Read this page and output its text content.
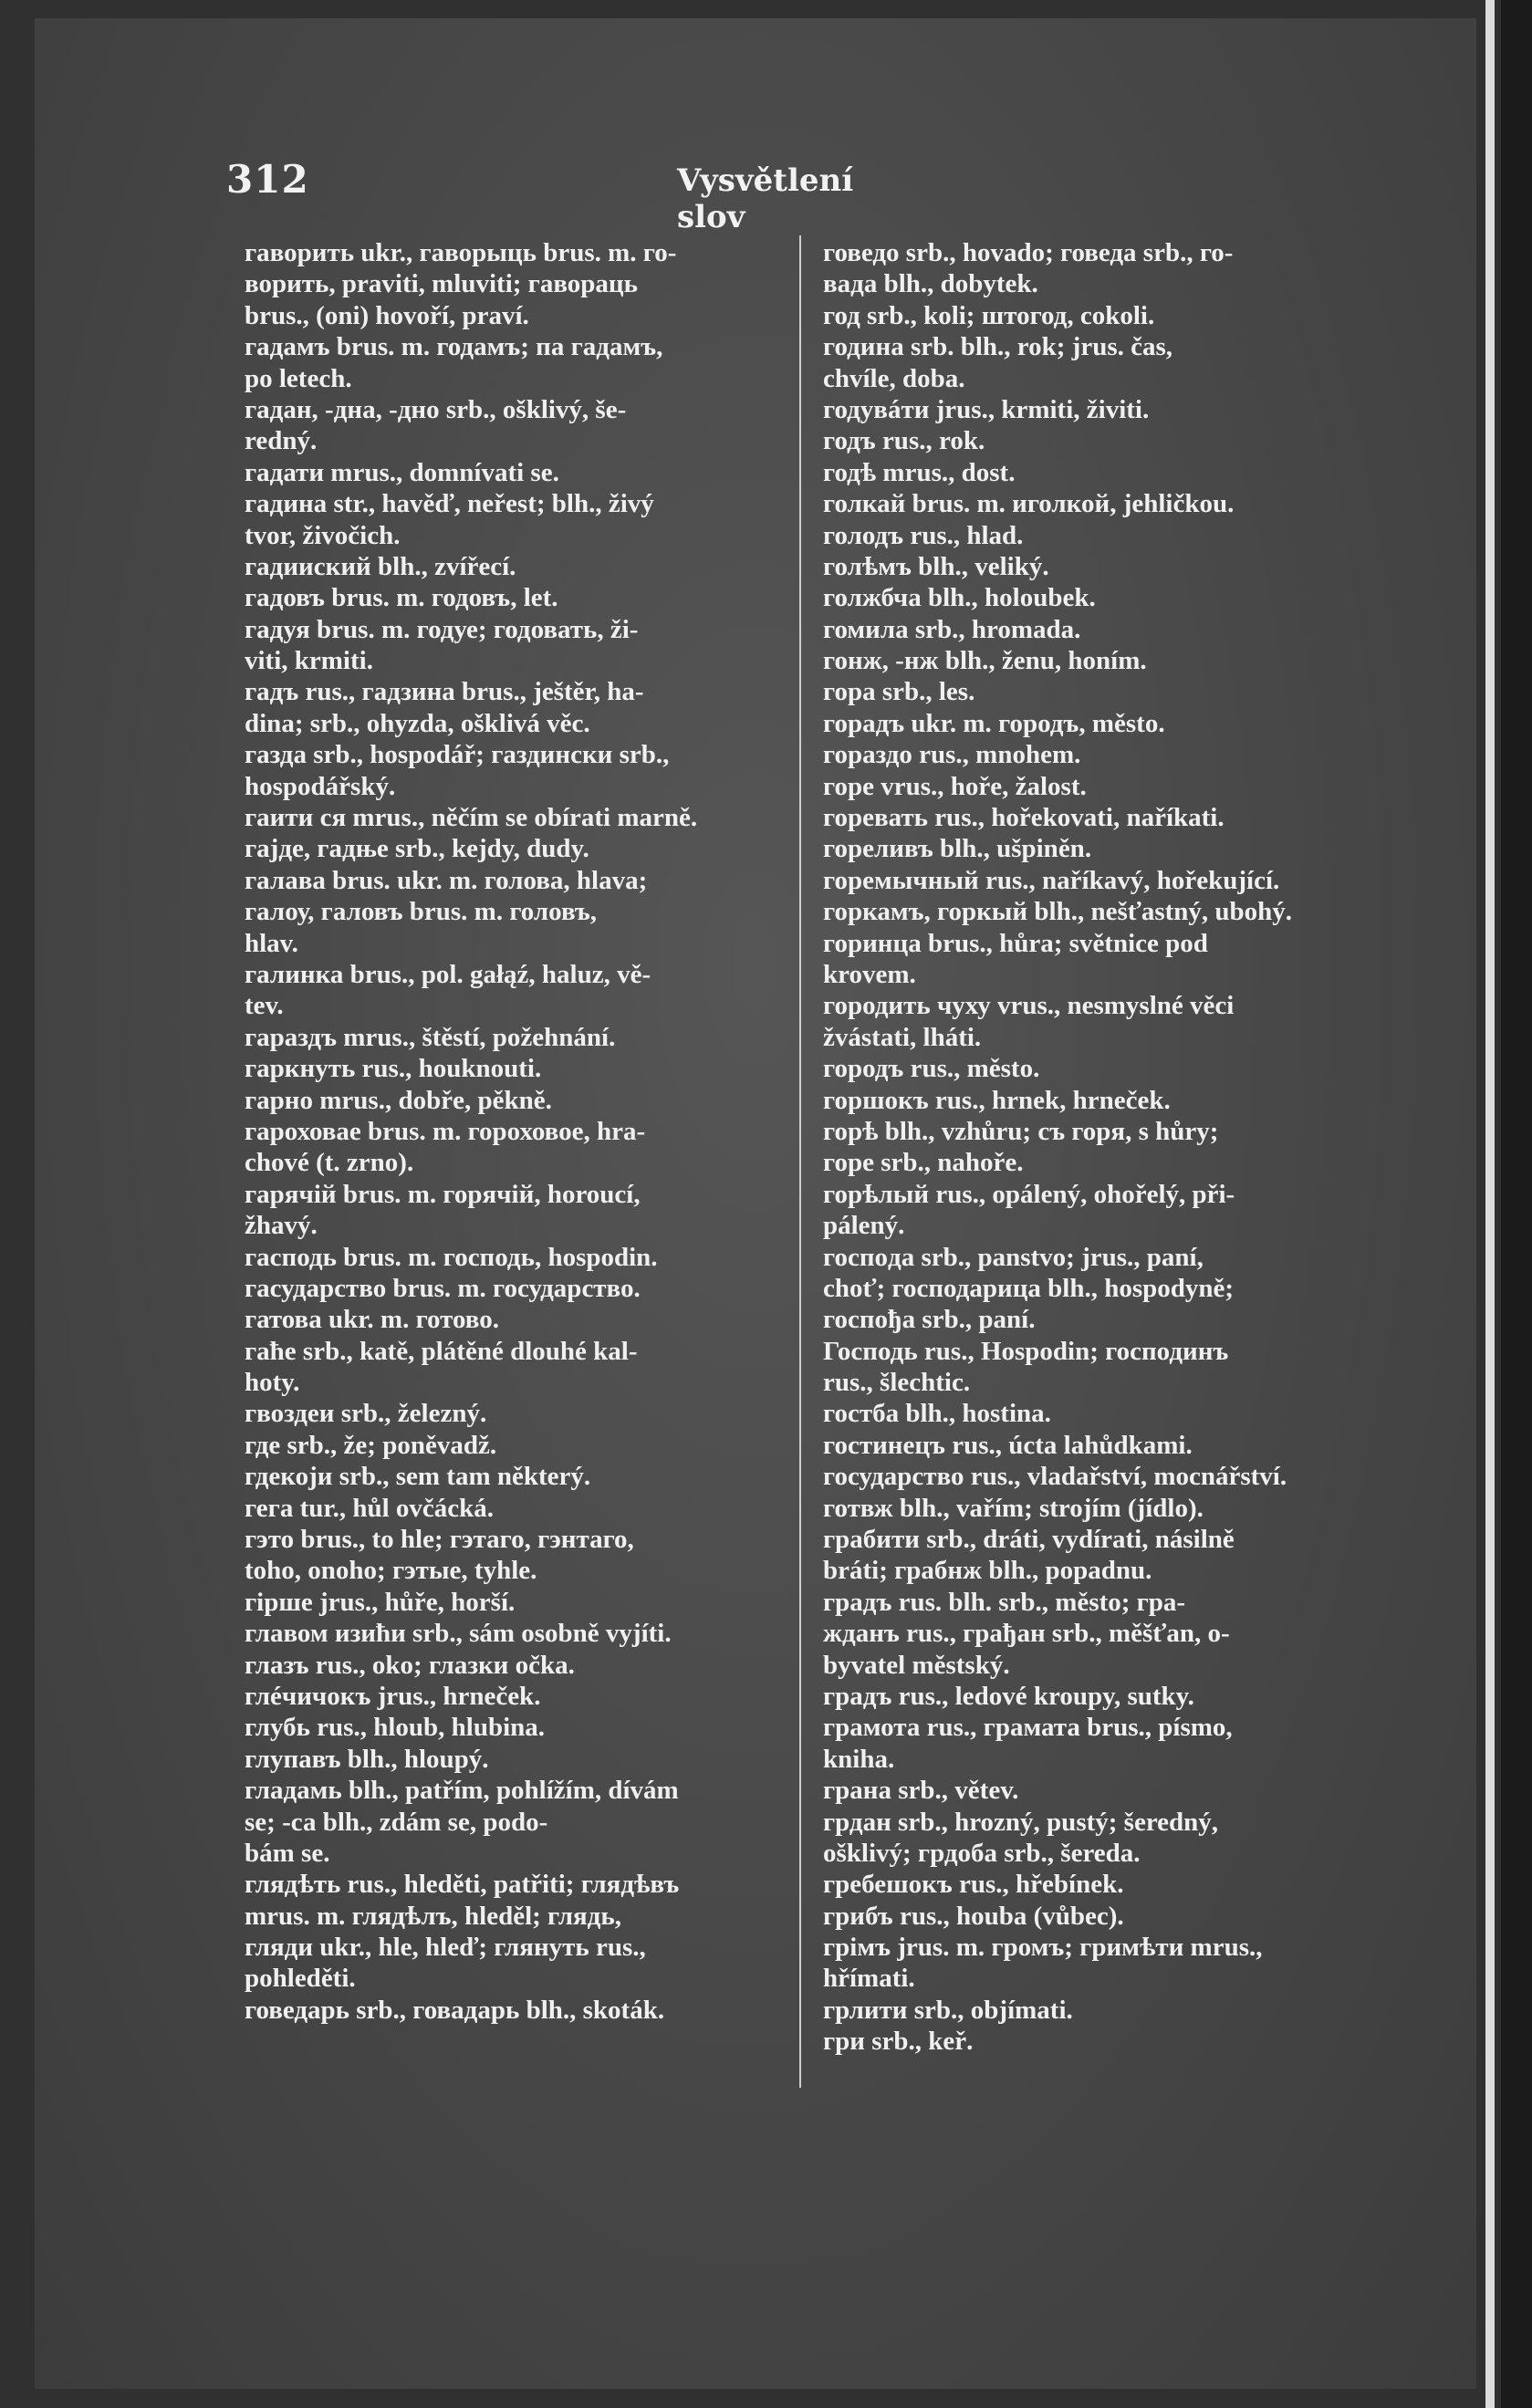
312	Vysvětlení slov
гаворить ukr., гаворыць brus. m. го-
ворить, praviti, mluviti; гавораць
brus., (oni) hovoří, praví.
гадамъ brus. m. годамъ; па гадамъ,
po letech.
гадан, -дна, -дно srb., ošklivý, še-
redný.
гадати mrus., domnívati se.
гадина str., havěď, neřest; blh., živý
tvor, živočich.
гадииский blh., zvířecí.
гадовъ brus. m. годовъ, let.
гадуя brus. m. годуе; годовать, ži-
viti, krmiti.
гадъ rus., гадзина brus., ještěr, ha-
dina; srb., ohyzda, ošklivá věc.
газда srb., hospodář; газдински srb.,
hospodářský.
гаити ся mrus., něčím se obírati marně.
гајде, гадње srb., kejdy, dudy.
галава brus. ukr. m. голова, hlava;
галоу, галовъ brus. m. головъ,
hlav.
галинка brus., pol. gałąź, haluz, vě-
tev.
гараздъ mrus., štěstí, požehnání.
гаркнуть rus., houknouti.
гарно mrus., dobře, pěkně.
гароховае brus. m. гороховое, hra-
chové (t. zrno).
гарячій brus. m. горячій, horoucí,
žhavý.
гасподь brus. m. господь, hospodin.
гасударство brus. m. государство.
гатова ukr. m. готово.
гаће srb., katě, plátěné dlouhé kal-
hoty.
гвоздеи srb., železný.
где srb., že; poněvadž.
гдекоји srb., sem tam některý.
гега tur., hůl ovčácká.
гэто brus., to hle; гэтаго, гэнтаго,
toho, onoho; гэтые, tyhle.
гірше jrus., hůře, horší.
главом изићи srb., sám osobně vyjíti.
глазъ rus., oko; глазки očka.
глéчичокъ jrus., hrneček.
глубь rus., hloub, hlubina.
глупавъ blh., hloupý.
гладамь blh., patřím, pohlížím, dívám
se; -са blh., zdám se, podo-
bám se.
глядѣть rus., hleděti, patřiti; глядѣвъ
mrus. m. глядѣлъ, hleděl; глядь,
гляди ukr., hle, hleď; глянуть rus.,
pohleděti.
говедарь srb., говадарь blh., skoták.
говедо srb., hovado; говеда srb., го-
вада blh., dobytek.
год srb., koli; штогод, cokoli.
година srb. blh., rok; jrus. čas,
chvíle, doba.
годувáти jrus., krmiti, živiti.
годъ rus., rok.
годѣ mrus., dost.
голкай brus. m. иголкой, jehličkou.
голодъ rus., hlad.
голѣмъ blh., veliký.
голжбча blh., holoubek.
гомила srb., hromada.
гонж, -нж blh., ženu, honím.
гора srb., les.
горадъ ukr. m. городъ, město.
гораздо rus., mnohem.
горе vrus., hoře, žalost.
горевать rus., hořekovati, naříkati.
гореливъ blh., ušpiněn.
горемычный rus., naříkavý, hořekující.
горкамъ, горкый blh., nešťastný, ubohý.
горинца brus., hůra; světnice pod
krovem.
городить чуху vrus., nesmyslné věci
žvástati, lháti.
городъ rus., město.
горшокъ rus., hrnek, hrneček.
горѣ blh., vzhůru; съ горя, s hůry;
горе srb., nahoře.
горѣлый rus., opálený, ohořelý, při-
pálený.
госпoда srb., panstvo; jrus., paní,
choť; господарица blh., hospodyně;
госпођа srb., paní.
Господь rus., Hospodin; господинъ
rus., šlechtic.
гостба blh., hostina.
гостинецъ rus., úcta lahůdkami.
государство rus., vladařství, mocnářství.
готвж blh., vařím; strojím (jídlo).
грабити srb., dráti, vydírati, násilně
bráti; грабнж blh., popadnu.
градъ rus. blh. srb., město; гра-
жданъ rus., грађан srb., měšťan, o-
byvatel městský.
градъ rus., ledové kroupy, sutky.
грамота rus., грамата brus., písmo,
kniha.
грана srb., větev.
грдан srb., hrozný, pustý; šeredný,
ošklivý; грдоба srb., šereda.
гребешокъ rus., hřebínek.
грибъ rus., houba (vůbec).
грімъ jrus. m. громъ; гримѣти mrus.,
hřímati.
грлити srb., objímati.
гри srb., keř.
